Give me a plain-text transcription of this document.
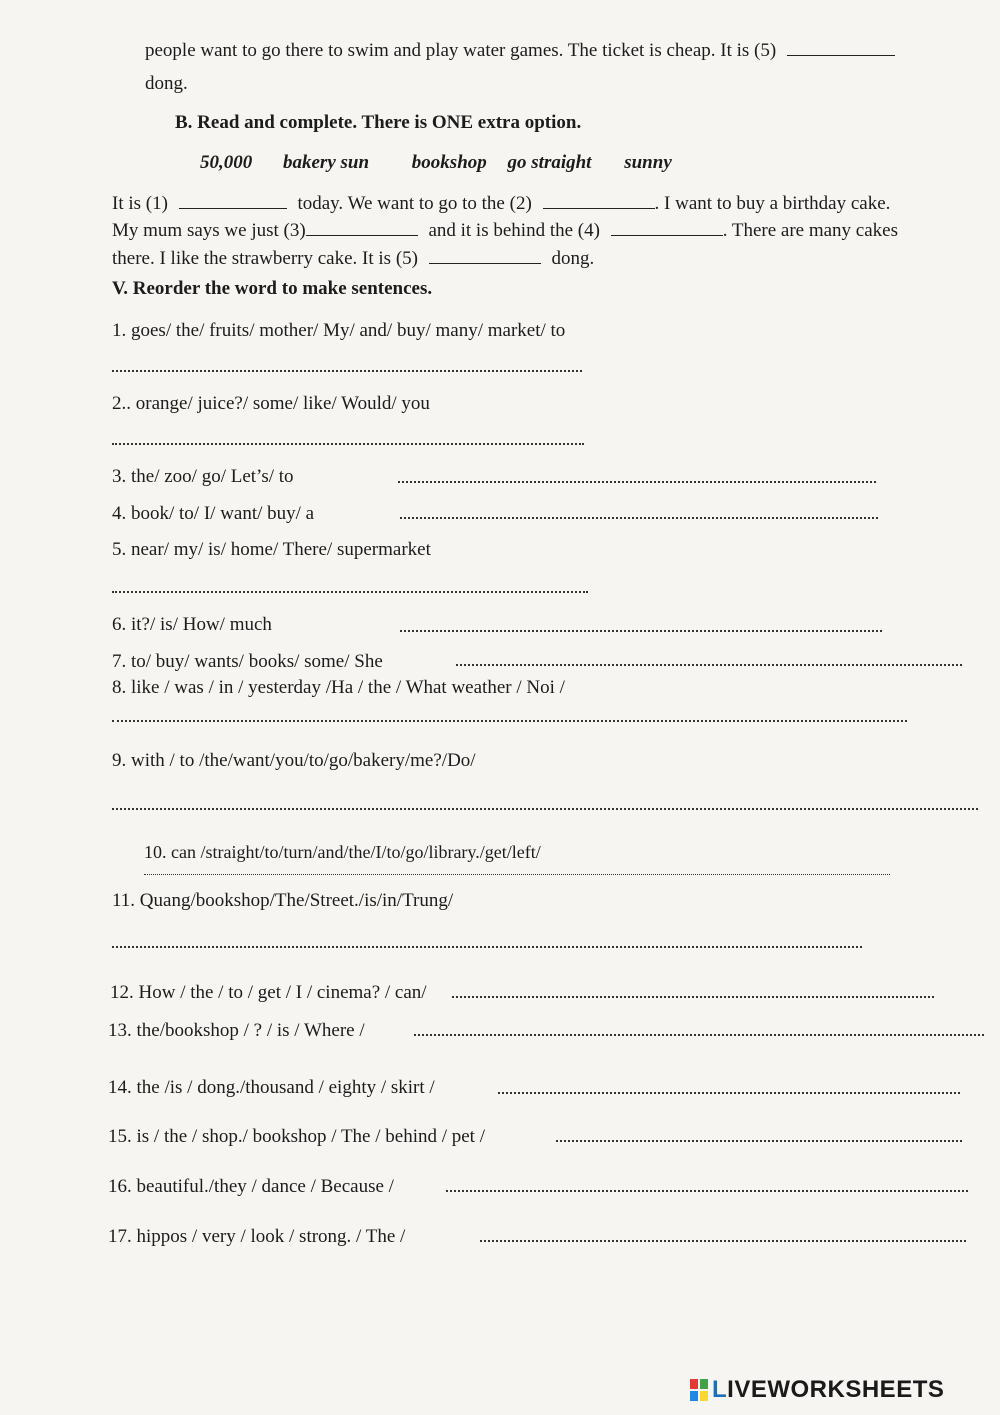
people want to go there to swim and play water games. The ticket is cheap. It is (5)
dong.
B. Read and complete. There is ONE extra option.
50,000 bakery sun bookshop go straight sunny
It is (1)	today. We want to go to the (2)	. I want to buy a birthday cake.
My mum says we just (3)	and it is behind the (4)	. There are many cakes
there. I like the strawberry cake. It is (5)	dong.
V. Reorder the word to make sentences.
1. goes/ the/ fruits/ mother/ My/ and/ buy/ many/ market/ to
2.. orange/ juice?/ some/ like/ Would/ you
3. the/ zoo/ go/ Let’s/ to
4. book/ to/ I/ want/ buy/ a
5. near/ my/ is/ home/ There/ supermarket
6. it?/ is/ How/ much
7. to/ buy/ wants/ books/ some/ She
8. like / was / in / yesterday /Ha / the / What weather / Noi /
9. with / to /the/want/you/to/go/bakery/me?/Do/
10. can /straight/to/turn/and/the/I/to/go/library./get/left/
11. Quang/bookshop/The/Street./is/in/Trung/
12. How / the / to / get / I / cinema? / can/
13. the/bookshop / ? / is / Where /
14. the /is / dong./thousand / eighty / skirt /
15. is / the / shop./ bookshop / The / behind / pet /
16. beautiful./they / dance / Because /
17. hippos / very / look / strong. / The /
LIVEWORKSHEETS
